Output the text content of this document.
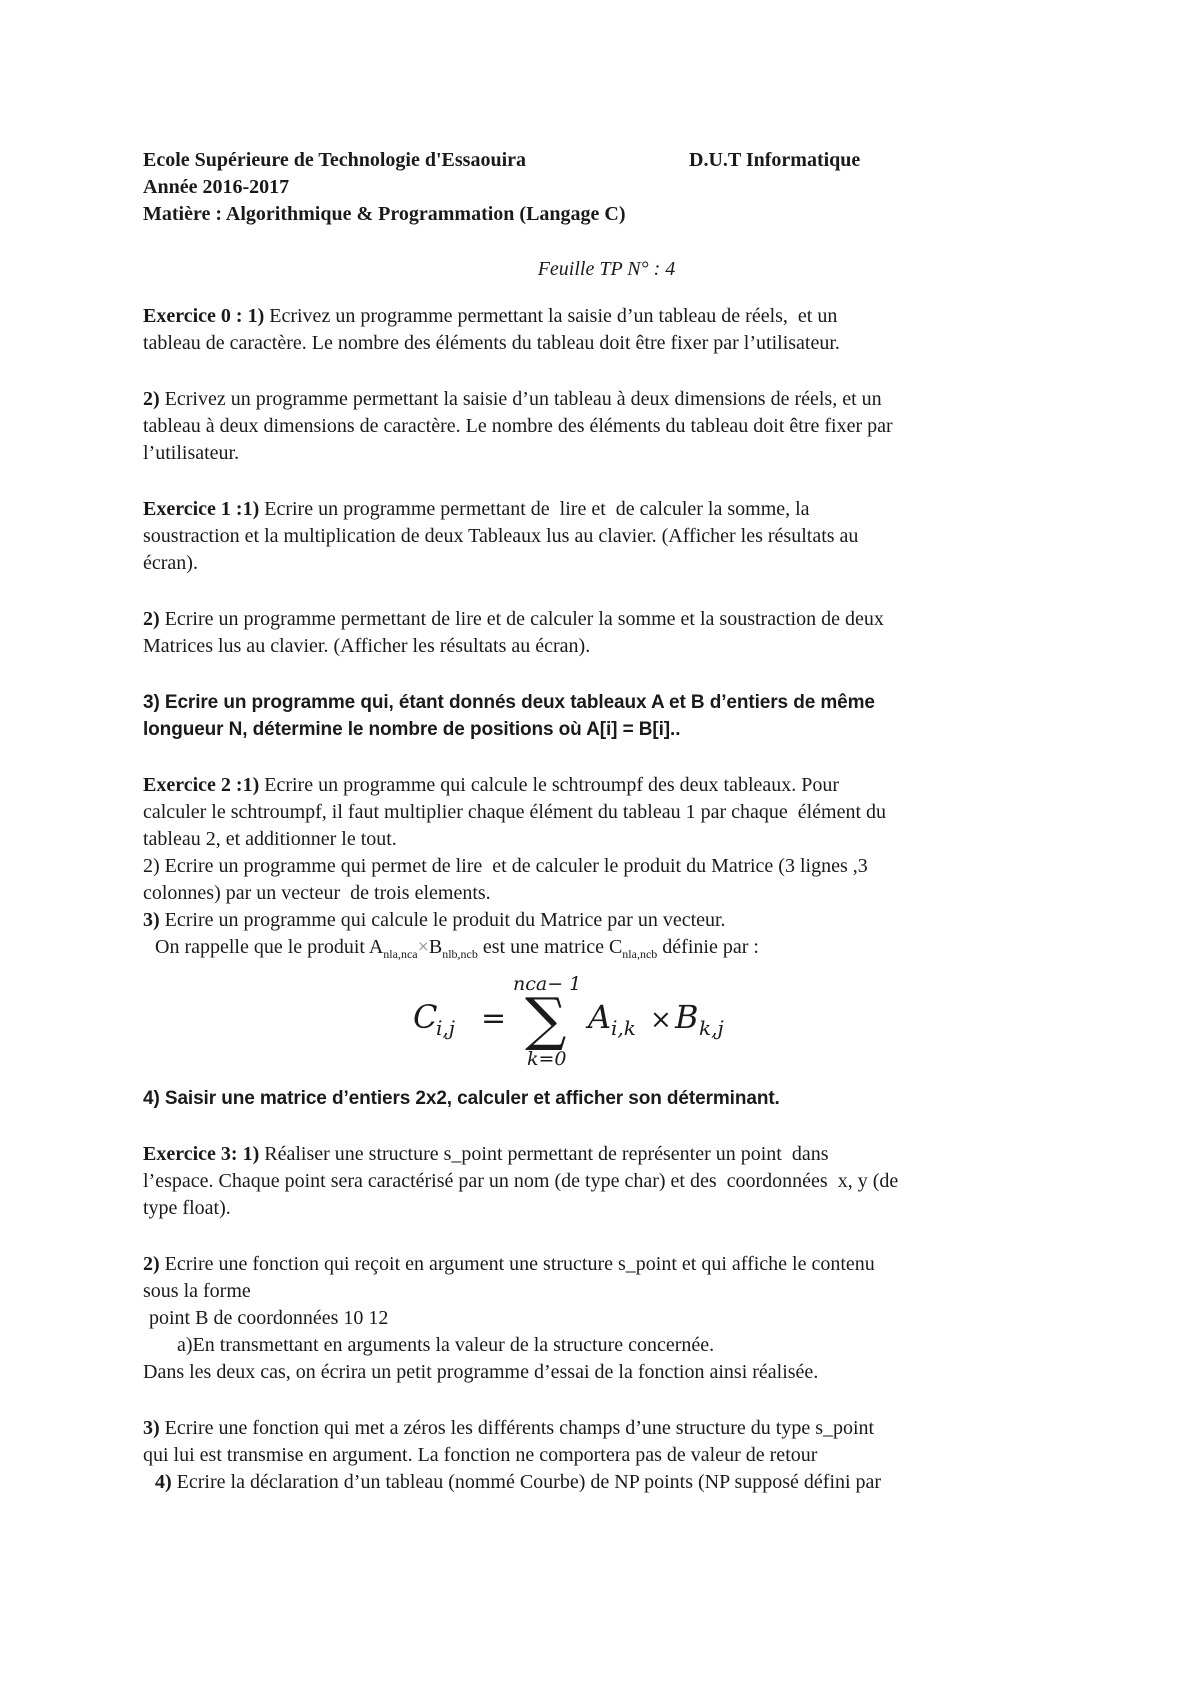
Ecole Supérieure de Technologie d'Essaouira	D.U.T Informatique
Année 2016-2017
Matière : Algorithmique & Programmation (Langage C)
Feuille TP N° : 4
Exercice 0 : 1) Ecrivez un programme permettant la saisie d’un tableau de réels,  et un
tableau de caractère. Le nombre des éléments du tableau doit être fixer par l’utilisateur.
2) Ecrivez un programme permettant la saisie d’un tableau à deux dimensions de réels, et un
tableau à deux dimensions de caractère. Le nombre des éléments du tableau doit être fixer par
l’utilisateur.
Exercice 1 :1) Ecrire un programme permettant de  lire et  de calculer la somme, la
soustraction et la multiplication de deux Tableaux lus au clavier. (Afficher les résultats au
écran).
2) Ecrire un programme permettant de lire et de calculer la somme et la soustraction de deux
Matrices lus au clavier. (Afficher les résultats au écran).
3) Ecrire un programme qui, étant donnés deux tableaux A et B d’entiers de même
longueur N, détermine le nombre de positions où A[i] = B[i]..
Exercice 2 :1) Ecrire un programme qui calcule le schtroumpf des deux tableaux. Pour
calculer le schtroumpf, il faut multiplier chaque élément du tableau 1 par chaque  élément du
tableau 2, et additionner le tout.
2) Ecrire un programme qui permet de lire  et de calculer le produit du Matrice (3 lignes ,3
colonnes) par un vecteur  de trois elements.
3) Ecrire un programme qui calcule le produit du Matrice par un vecteur.
On rappelle que le produit $A_{nla,nca}\times B_{nlb,ncb}$ est une matrice $C_{nla,ncb}$ définie par :
C
i,j =
nca− 1
∑
k=0
A i,k × B k,j
4) Saisir une matrice d’entiers 2x2, calculer et afficher son déterminant.
Exercice 3: 1) Réaliser une structure s_point permettant de représenter un point  dans
l’espace. Chaque point sera caractérisé par un nom (de type char) et des  coordonnées  x, y (de
type float).
2) Ecrire une fonction qui reçoit en argument une structure s_point et qui affiche le contenu
sous la forme
point B de coordonnées 10 12
a)En transmettant en arguments la valeur de la structure concernée.
Dans les deux cas, on écrira un petit programme d’essai de la fonction ainsi réalisée.
3) Ecrire une fonction qui met a zéros les différents champs d’une structure du type s_point
qui lui est transmise en argument. La fonction ne comportera pas de valeur de retour
4) Ecrire la déclaration d’un tableau (nommé Courbe) de NP points (NP supposé défini par
